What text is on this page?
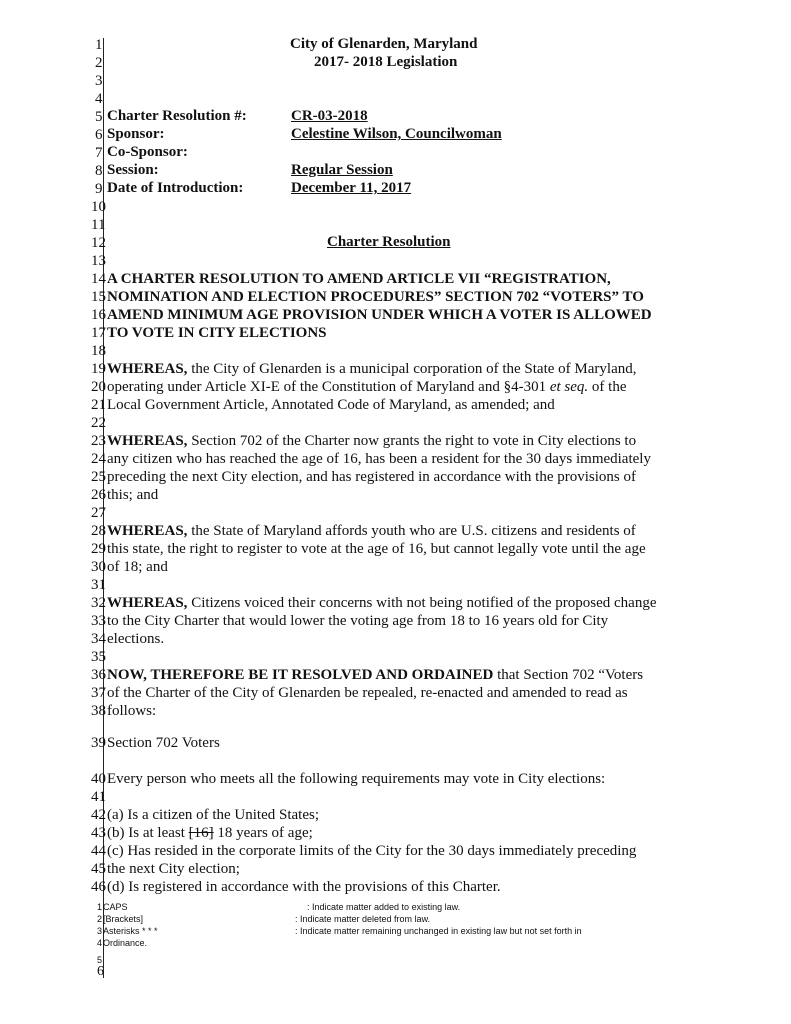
City of Glenarden, Maryland
2017- 2018 Legislation
1
2
3
4
5
6
7
8
9
10
11
12
13
14
15
16
17
18
19
20
21
22
23
24
25
26
27
28
29
30
31
32
33
34
35
36
37
38
39
40
41
42
43
44
45
46
Charter Resolution #:	CR-03-2018
Sponsor:	Celestine Wilson, Councilwoman
Co-Sponsor:
Session:	Regular Session
Date of Introduction:	December 11, 2017
Charter Resolution
A CHARTER RESOLUTION TO AMEND ARTICLE VII “REGISTRATION,
NOMINATION AND ELECTION PROCEDURES” SECTION 702 “VOTERS” TO
AMEND MINIMUM AGE PROVISION UNDER WHICH A VOTER IS ALLOWED
TO VOTE IN CITY ELECTIONS
WHEREAS, the City of Glenarden is a municipal corporation of the State of Maryland,
operating under Article XI-E of the Constitution of Maryland and §4-301 et seq. of the
Local Government Article, Annotated Code of Maryland, as amended; and
WHEREAS, Section 702 of the Charter now grants the right to vote in City elections to
any citizen who has reached the age of 16, has been a resident for the 30 days immediately
preceding the next City election, and has registered in accordance with the provisions of
this; and
WHEREAS, the State of Maryland affords youth who are U.S. citizens and residents of
this state, the right to register to vote at the age of 16, but cannot legally vote until the age
of 18; and
WHEREAS, Citizens voiced their concerns with not being notified of the proposed change
to the City Charter that would lower the voting age from 18 to 16 years old for City
elections.
NOW, THEREFORE BE IT RESOLVED AND ORDAINED that Section 702 “Voters
of the Charter of the City of Glenarden be repealed, re-enacted and amended to read as
follows:
Section 702 Voters
Every person who meets all the following requirements may vote in City elections:
(a) Is a citizen of the United States;
(b) Is at least [16] 18 years of age;
(c) Has resided in the corporate limits of the City for the 30 days immediately preceding
the next City election;
(d) Is registered in accordance with the provisions of this Charter.
1 CAPS	: Indicate matter added to existing law.
2 [Brackets]	: Indicate matter deleted from law.
3 Asterisks * * *	: Indicate matter remaining unchanged in existing law but not set forth in
4 Ordinance.
5
6
